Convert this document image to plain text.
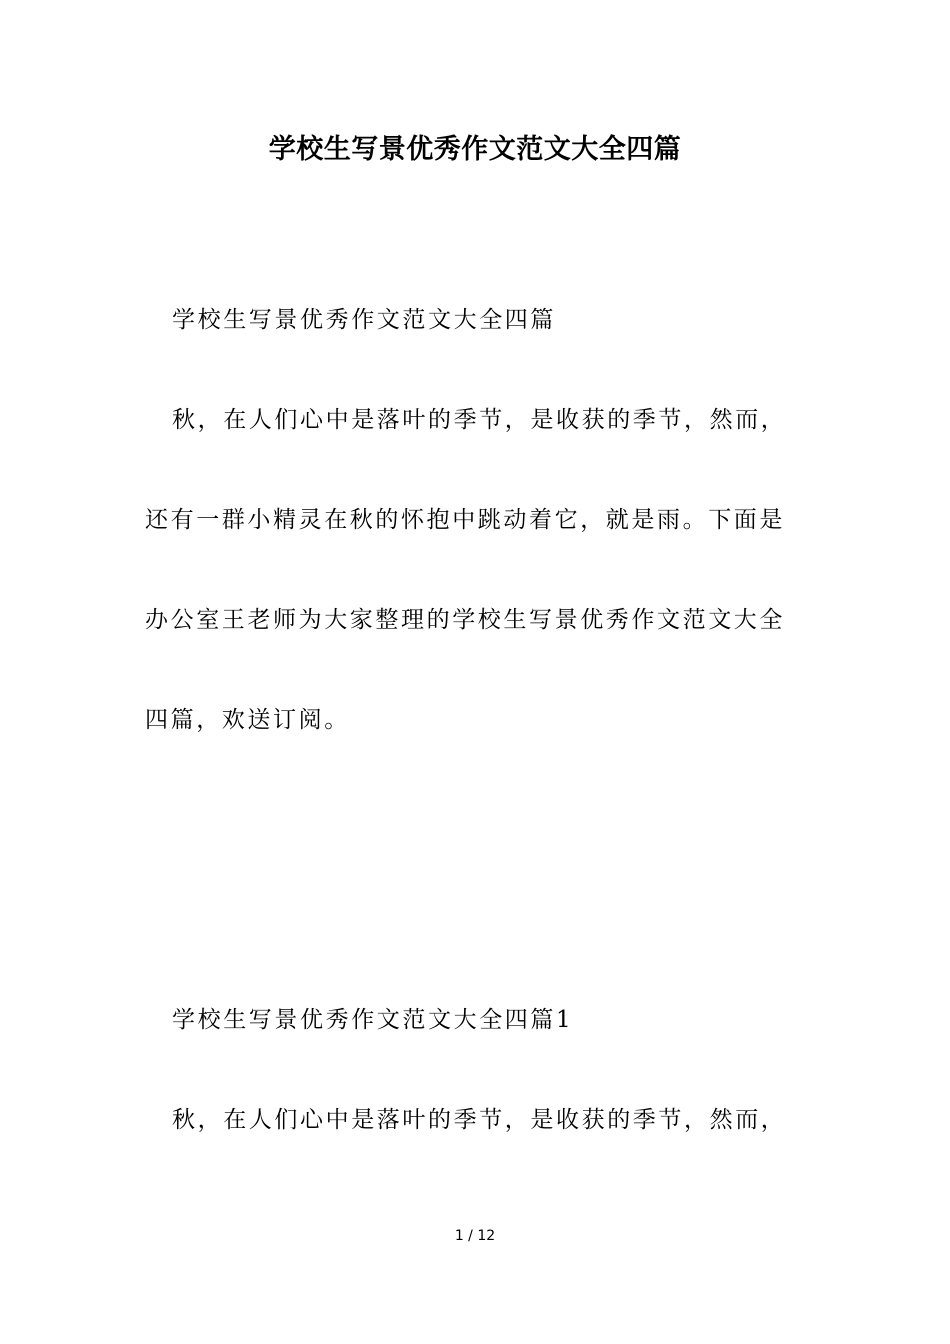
学校生写景优秀作文范文大全四篇

学校生写景优秀作文范文大全四篇

秋，在人们心中是落叶的季节，是收获的季节，然而，

还有一群小精灵在秋的怀抱中跳动着它，就是雨。下面是

办公室王老师为大家整理的学校生写景优秀作文范文大全

四篇，欢送订阅。

学校生写景优秀作文范文大全四篇1

秋，在人们心中是落叶的季节，是收获的季节，然而，

1 / 12
